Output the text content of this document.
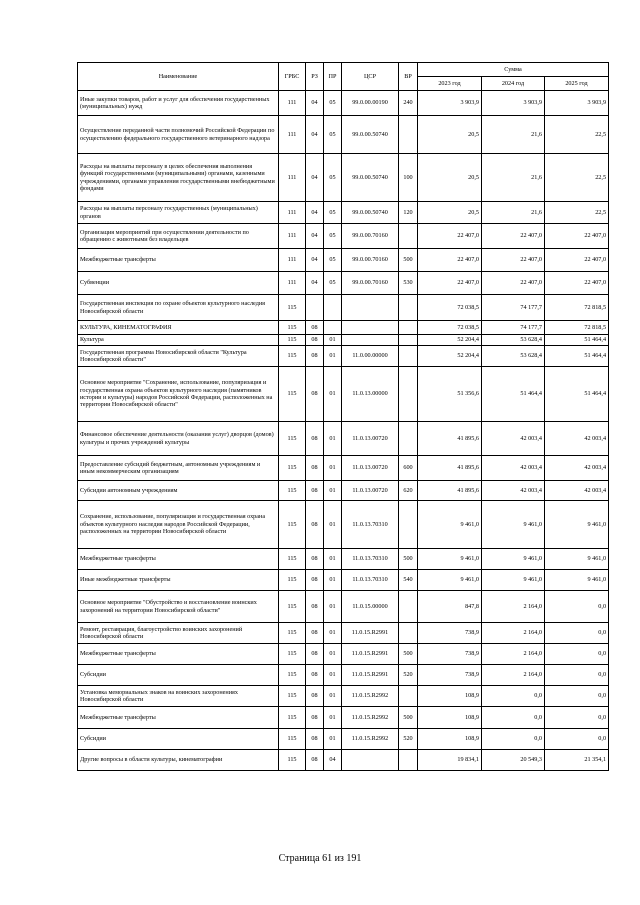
Наименование	ГРБС	РЗ	ПР	ЦСР	ВР	Сумма		
						2023 год	2024 год	2025 год
Иные закупки товаров, работ и услуг для обеспечения государственных (муниципальных) нужд	111	04	05	99.0.00.00190	240	3 903,9	3 903,9	3 903,9
Осуществление переданной части полномочий Российской Федерации по осуществлению федерального государственного ветеринарного надзора	111	04	05	99.0.00.50740		20,5	21,6	22,5
Расходы на выплаты персоналу в целях обеспечения выполнения функций государственными (муниципальными) органами, казенными учреждениями, органами управления государственными внебюджетными фондами	111	04	05	99.0.00.50740	100	20,5	21,6	22,5
Расходы на выплаты персоналу государственных (муниципальных) органов	111	04	05	99.0.00.50740	120	20,5	21,6	22,5
Организация мероприятий при осуществлении деятельности по обращению с животными без владельцев	111	04	05	99.0.00.70160		22 407,0	22 407,0	22 407,0
Межбюджетные трансферты	111	04	05	99.0.00.70160	500	22 407,0	22 407,0	22 407,0
Субвенции	111	04	05	99.0.00.70160	530	22 407,0	22 407,0	22 407,0
Государственная инспекция по охране объектов культурного наследия Новосибирской области	115					72 038,5	74 177,7	72 818,5
КУЛЬТУРА, КИНЕМАТОГРАФИЯ	115	08				72 038,5	74 177,7	72 818,5
Культура	115	08	01			52 204,4	53 628,4	51 464,4
Государственная программа Новосибирской области "Культура Новосибирской области"	115	08	01	11.0.00.00000		52 204,4	53 628,4	51 464,4
Основное мероприятие "Сохранение, использование, популяризация и государственная охрана объектов культурного наследия (памятников истории и культуры) народов Российской Федерации, расположенных на территории Новосибирской области"	115	08	01	11.0.13.00000		51 356,6	51 464,4	51 464,4
Финансовое обеспечение деятельности (оказания услуг) дворцов (домов) культуры и прочих учреждений культуры	115	08	01	11.0.13.00720		41 895,6	42 003,4	42 003,4
Предоставление субсидий бюджетным, автономным учреждениям и иным некоммерческим организациям	115	08	01	11.0.13.00720	600	41 895,6	42 003,4	42 003,4
Субсидии автономным учреждениям	115	08	01	11.0.13.00720	620	41 895,6	42 003,4	42 003,4
Сохранение, использование, популяризация и государственная охрана объектов культурного наследия народов Российской Федерации, расположенных на территории Новосибирской области	115	08	01	11.0.13.70310		9 461,0	9 461,0	9 461,0
Межбюджетные трансферты	115	08	01	11.0.13.70310	500	9 461,0	9 461,0	9 461,0
Иные межбюджетные трансферты	115	08	01	11.0.13.70310	540	9 461,0	9 461,0	9 461,0
Основное мероприятие "Обустройство и восстановление воинских захоронений на территории Новосибирской области"	115	08	01	11.0.15.00000		847,8	2 164,0	0,0
Ремонт, реставрация, благоустройство воинских захоронений Новосибирской области	115	08	01	11.0.15.R2991		738,9	2 164,0	0,0
Межбюджетные трансферты	115	08	01	11.0.15.R2991	500	738,9	2 164,0	0,0
Субсидии	115	08	01	11.0.15.R2991	520	738,9	2 164,0	0,0
Установка мемориальных знаков на воинских захоронениях Новосибирской области	115	08	01	11.0.15.R2992		108,9	0,0	0,0
Межбюджетные трансферты	115	08	01	11.0.15.R2992	500	108,9	0,0	0,0
Субсидии	115	08	01	11.0.15.R2992	520	108,9	0,0	0,0
Другие вопросы в области культуры, кинематографии	115	08	04			19 834,1	20 549,3	21 354,1
Страница 61 из 191
